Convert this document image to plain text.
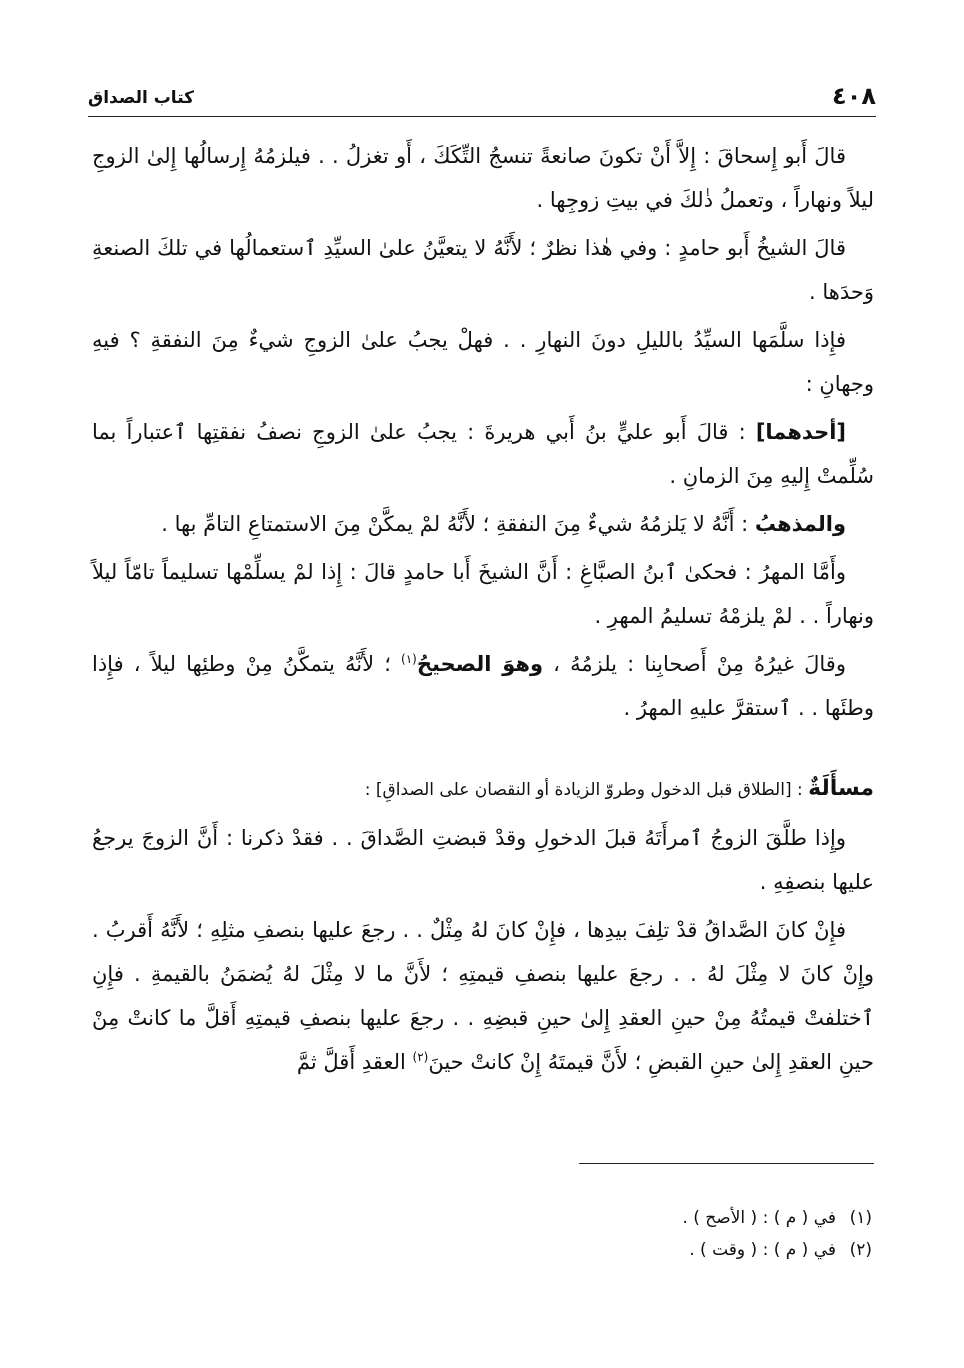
٤٠٨
كتاب الصداق

قالَ أَبو إِسحاقَ : إِلاَّ أَنْ تكونَ صانعةً تنسجُ التِّكَكَ ، أَو تغزلُ . . فيلزمُهُ إِرسالُها إِلىٰ الزوجِ ليلاً ونهاراً ، وتعملُ ذٰلكَ في بيتِ زوجِها .

قالَ الشيخُ أَبو حامدٍ : وفي هٰذا نظرٌ ؛ لأَنَّهُ لا يتعيَّنُ علىٰ السيِّدِ ٱستعمالُها في تلكَ الصنعةِ وَحدَها .

فإِذا سلَّمَها السيِّدُ بالليلِ دونَ النهارِ . . فهلْ يجبُ علىٰ الزوجِ شيءٌ مِنَ النفقةِ ؟ فيهِ وجهانِ :

[أحدهما] : قالَ أَبو عليٍّ بنُ أَبي هريرةَ : يجبُ علىٰ الزوجِ نصفُ نفقتِها ٱعتباراً بما سُلِّمتْ إِليهِ مِنَ الزمانِ .

والمذهبُ : أَنَّهُ لا يَلزمُهُ شيءٌ مِنَ النفقةِ ؛ لأَنَّهُ لمْ يمكَّنْ مِنَ الاستمتاعِ التامِّ بها .

وأَمَّا المهرُ : فحكىٰ ٱبنُ الصبَّاغِ : أَنَّ الشيخَ أَبا حامدٍ قالَ : إِذا لمْ يسلِّمْها تسليماً تامّاً ليلاً ونهاراً . . لمْ يلزمْهُ تسليمُ المهرِ .

وقالَ غيرُهُ مِنْ أَصحابِنا : يلزمُهُ ، وهوَ الصحيحُ$^{(١)}$ ؛ لأَنَّهُ يتمكَّنُ مِنْ وطئِها ليلاً ، فإِذا وطئَها . . ٱستقرَّ عليهِ المهرُ .

مسأَلَةٌ : [الطلاق قبل الدخول وطروّ الزيادة أو النقصان على الصداقِ] :

وإِذا طلَّقَ الزوجُ ٱمرأَتَهُ قبلَ الدخولِ وقدْ قبضتِ الصَّداقَ . . فقدْ ذكرنا : أَنَّ الزوجَ يرجعُ عليها بنصفِهِ .

فإِنْ كانَ الصَّداقُ قدْ تلِفَ بيدِها ، فإِنْ كانَ لهُ مِثْلٌ . . رجعَ عليها بنصفِ مثلِهِ ؛ لأَنَّهُ أَقربُ . وإِنْ كانَ لا مِثْلَ لهُ . . رجعَ عليها بنصفِ قيمتِهِ ؛ لأَنَّ ما لا مِثْلَ لهُ يُضمَنُ بالقيمةِ . فإِنِ ٱختلفتْ قيمتُهُ مِنْ حينِ العقدِ إِلىٰ حينِ قبضِهِ . . رجعَ عليها بنصفِ قيمتِهِ أَقلَّ ما كانتْ مِنْ حينِ العقدِ إِلىٰ حينِ القبضِ ؛ لأَنَّ قيمتَهُ إِنْ كانتْ حينَ$^{(٢)}$ العقدِ أَقلَّ ثمَّ

(١)في ( م ) : ( الأصح ) .

(٢)في ( م ) : ( وقت ) .
